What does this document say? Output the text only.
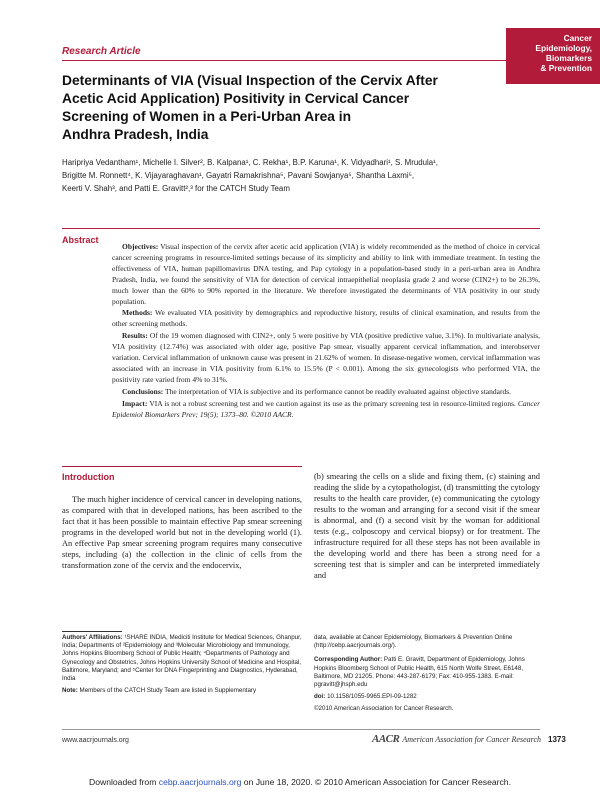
Cancer
Epidemiology,
Biomarkers
& Prevention
Research Article
Determinants of VIA (Visual Inspection of the Cervix After
Acetic Acid Application) Positivity in Cervical Cancer
Screening of Women in a Peri-Urban Area in
Andhra Pradesh, India
Haripriya Vedantham¹, Michelle I. Silver², B. Kalpana¹, C. Rekha¹, B.P. Karuna¹, K. Vidyadhari¹, S. Mrudula¹,
Brigitte M. Ronnett⁴, K. Vijayaraghavan¹, Gayatri Ramakrishna⁵, Pavani Sowjanya⁵, Shantha Laxmi⁵,
Keerti V. Shah³, and Patti E. Gravitt²,³ for the CATCH Study Team
Abstract

Objectives: Visual inspection of the cervix after acetic acid application (VIA) is widely recommended as the method of choice in cervical cancer screening programs in resource-limited settings because of its simplicity and ability to link with immediate treatment. In testing the effectiveness of VIA, human papillomavirus DNA testing, and Pap cytology in a population-based study in a peri-urban area in Andhra Pradesh, India, we found the sensitivity of VIA for detection of cervical intraepithelial neoplasia grade 2 and worse (CIN2+) to be 26.3%, much lower than the 60% to 90% reported in the literature. We therefore investigated the determinants of VIA positivity in our study population.

Methods: We evaluated VIA positivity by demographics and reproductive history, results of clinical examination, and results from the other screening methods.

Results: Of the 19 women diagnosed with CIN2+, only 5 were positive by VIA (positive predictive value, 3.1%). In multivariate analysis, VIA positivity (12.74%) was associated with older age, positive Pap smear, visually apparent cervical inflammation, and interobserver variation. Cervical inflammation of unknown cause was present in 21.62% of women. In disease-negative women, cervical inflammation was associated with an increase in VIA positivity from 6.1% to 15.5% (P < 0.001). Among the six gynecologists who performed VIA, the positivity rate varied from 4% to 31%.

Conclusions: The interpretation of VIA is subjective and its performance cannot be readily evaluated against objective standards.

Impact: VIA is not a robust screening test and we caution against its use as the primary screening test in resource-limited regions. Cancer Epidemiol Biomarkers Prev; 19(5); 1373–80. ©2010 AACR.

Introduction

The much higher incidence of cervical cancer in developing nations, as compared with that in developed nations, has been ascribed to the fact that it has been possible to maintain effective Pap smear screening programs in the developed world but not in the developing world (1). An effective Pap smear screening program requires many consecutive steps, including (a) the collection in the clinic of cells from the transformation zone of the cervix and the endocervix,

(b) smearing the cells on a slide and fixing them, (c) staining and reading the slide by a cytopathologist, (d) transmitting the cytology results to the health care provider, (e) communicating the cytology results to the woman and arranging for a second visit if the smear is abnormal, and (f) a second visit by the woman for additional tests (e.g., colposcopy and cervical biopsy) or for treatment. The infrastructure required for all these steps has not been available in the developing world and there has been a strong need for a screening test that is simpler and can be interpreted immediately and

Authors' Affiliations: ¹SHARE INDIA, Mediciti Institute for Medical Sciences, Ghanpur, India; Departments of ²Epidemiology and ³Molecular Microbiology and Immunology, Johns Hopkins Bloomberg School of Public Health; ⁴Departments of Pathology and Gynecology and Obstetrics, Johns Hopkins University School of Medicine and Hospital, Baltimore, Maryland; and ⁵Center for DNA Fingerprinting and Diagnostics, Hyderabad, India

Note: Members of the CATCH Study Team are listed in Supplementary

data, available at Cancer Epidemiology, Biomarkers & Prevention Online (http://cebp.aacrjournals.org/).

Corresponding Author: Patti E. Gravitt, Department of Epidemiology, Johns Hopkins Bloomberg School of Public Health, 615 North Wolfe Street, E6148, Baltimore, MD 21205. Phone: 443-287-6179; Fax: 410-955-1383. E-mail: pgravitt@jhsph.edu

doi: 10.1158/1055-9965.EPI-09-1282

©2010 American Association for Cancer Research.

www.aacrjournals.org	AACR American Association for Cancer Research 1373
Downloaded from cebp.aacrjournals.org on June 18, 2020. © 2010 American Association for Cancer Research.
